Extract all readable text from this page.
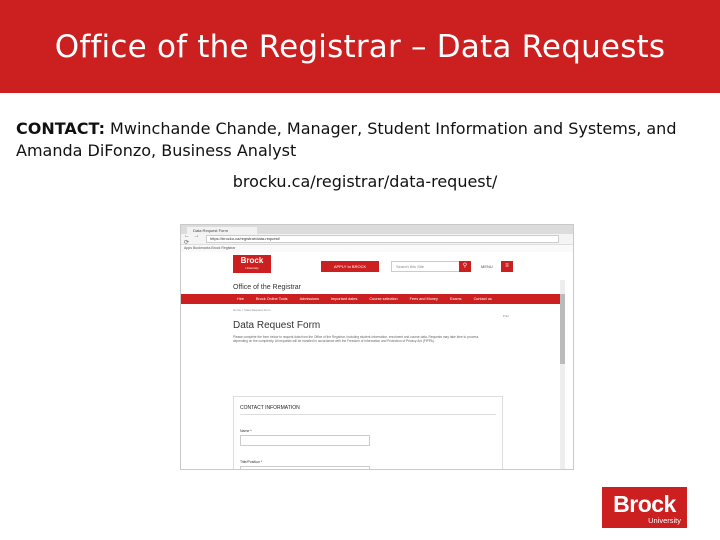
Office of the Registrar – Data Requests
CONTACT: Mwinchande Chande, Manager, Student Information and Systems, and Amanda DiFonzo, Business Analyst
brocku.ca/registrar/data-request/
Data Request Form
← → ⟳
https://brocku.ca/registrar/data-request/
Apps Bookmarks Brock Registrar
Brock
University	APPLY to BROCK	Search this Site	⚲	MENU	≡
Office of the Registrar
Hire	Brock Online Tools	Admissions	Important dates	Course selection	Fees and Money	Exams	Contact us
Home > Data Request Form
Print
Data Request Form
Please complete the form below to request data from the Office of the Registrar, including student information, enrolment and course data. Requests may take time to process depending on the complexity. All requests will be handled in accordance with the Freedom of Information and Protection of Privacy Act (FIPPA).
CONTACT INFORMATION
Name *
Title/Position *
Brock
University
